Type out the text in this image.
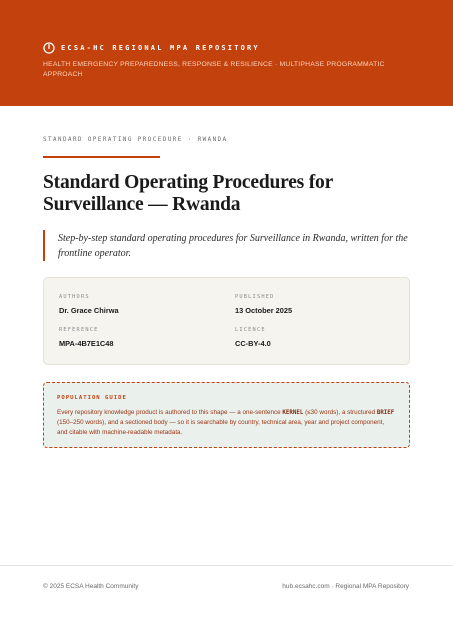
ECSA-HC REGIONAL MPA REPOSITORY
HEALTH EMERGENCY PREPAREDNESS, RESPONSE & RESILIENCE · MULTIPHASE PROGRAMMATIC APPROACH
STANDARD OPERATING PROCEDURE · RWANDA
Standard Operating Procedures for Surveillance — Rwanda

Step-by-step standard operating procedures for Surveillance in Rwanda, written for the frontline operator.

AUTHORS
Dr. Grace Chirwa
PUBLISHED
13 October 2025
REFERENCE
MPA-4B7E1C48
LICENCE
CC-BY-4.0
POPULATION GUIDE

Every repository knowledge product is authored to this shape — a one-sentence KERNEL (≤30 words), a structured BRIEF (150–250 words), and a sectioned body — so it is searchable by country, technical area, year and project component, and citable with machine-readable metadata.

© 2025 ECSA Health Community	hub.ecsahc.com · Regional MPA Repository
